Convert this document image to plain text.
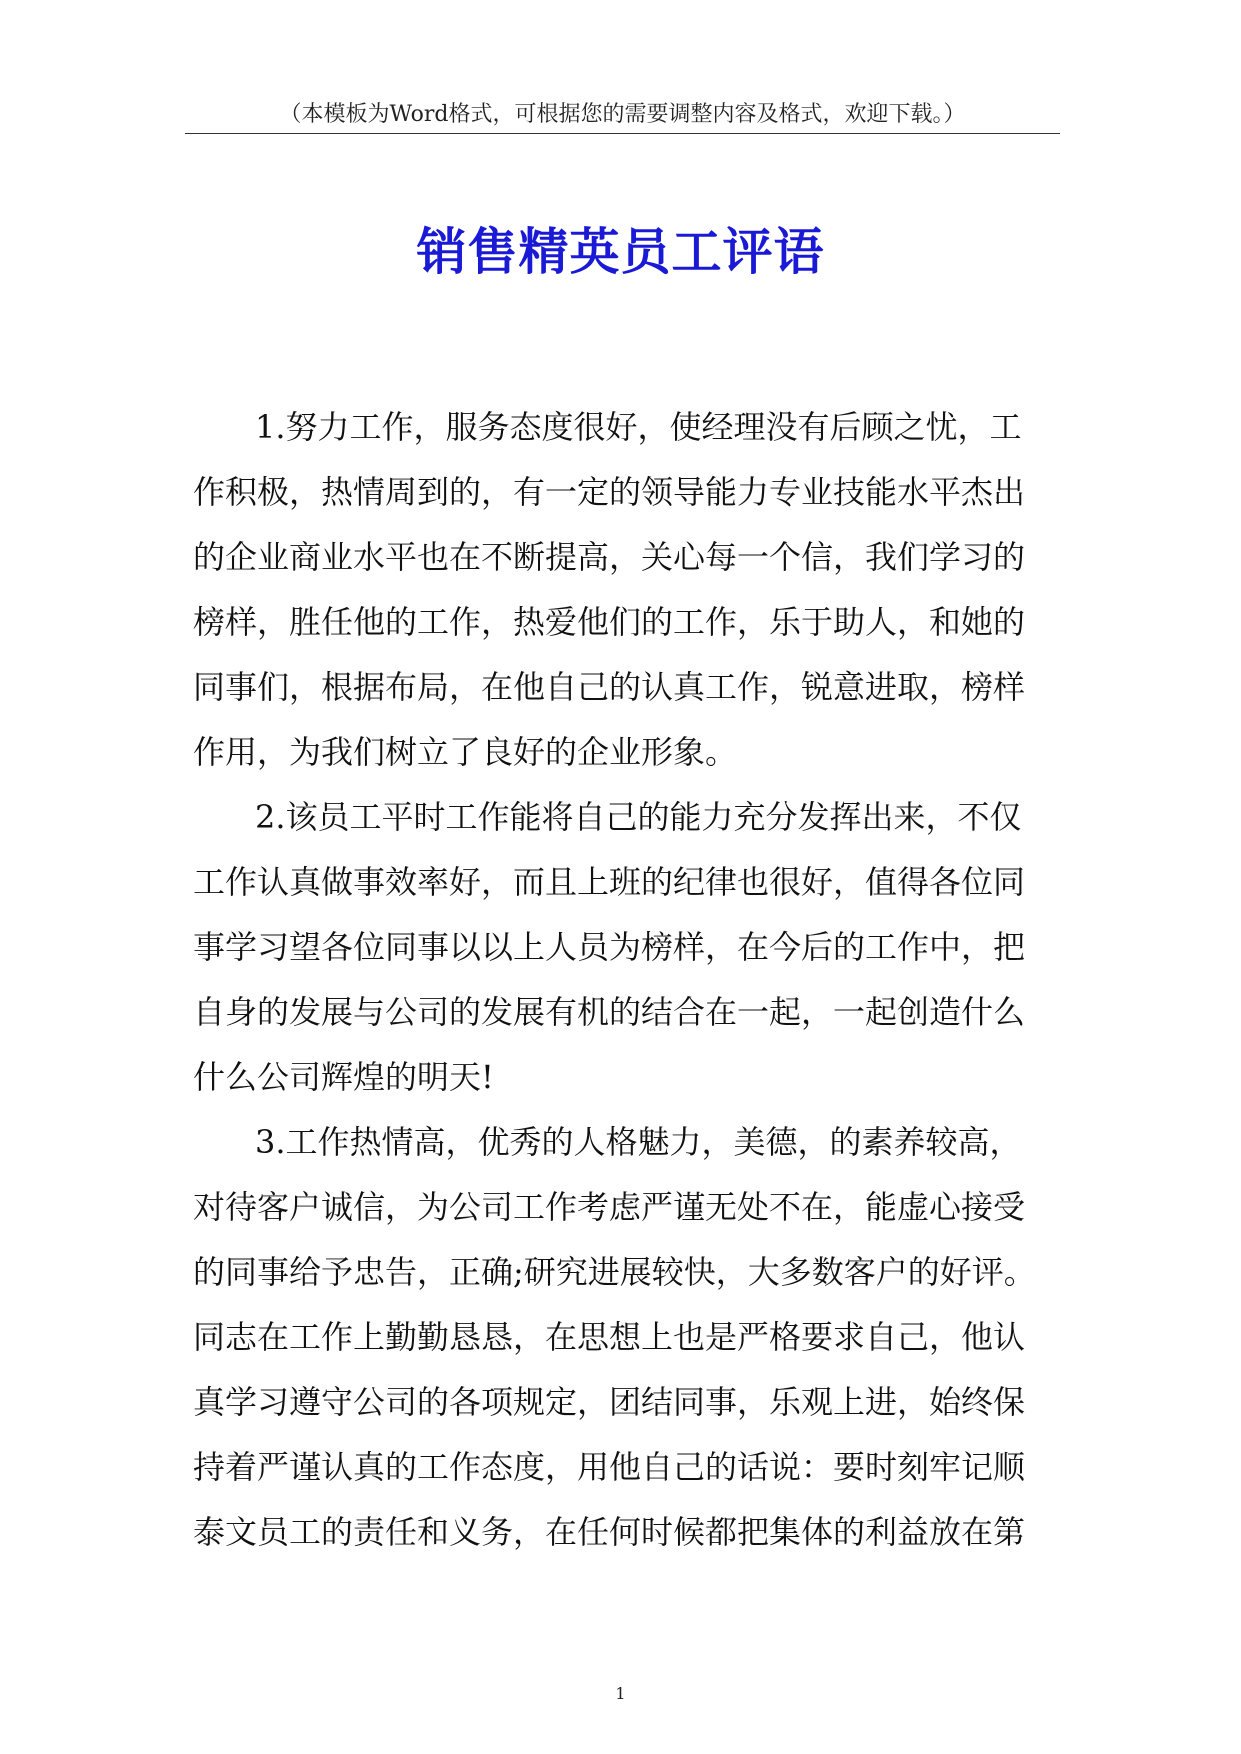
（本模板为Word格式，可根据您的需要调整内容及格式，欢迎下载。）
销售精英员工评语
1.努力工作，服务态度很好，使经理没有后顾之忧，工
作积极，热情周到的，有一定的领导能力专业技能水平杰出
的企业商业水平也在不断提高，关心每一个信，我们学习的
榜样，胜任他的工作，热爱他们的工作，乐于助人，和她的
同事们，根据布局，在他自己的认真工作，锐意进取，榜样
作用，为我们树立了良好的企业形象。
2.该员工平时工作能将自己的能力充分发挥出来，不仅
工作认真做事效率好，而且上班的纪律也很好，值得各位同
事学习望各位同事以以上人员为榜样，在今后的工作中，把
自身的发展与公司的发展有机的结合在一起，一起创造什么
什么公司辉煌的明天!
3.工作热情高，优秀的人格魅力，美德，的素养较高，
对待客户诚信，为公司工作考虑严谨无处不在，能虚心接受
的同事给予忠告，正确;研究进展较快，大多数客户的好评。
同志在工作上勤勤恳恳，在思想上也是严格要求自己，他认
真学习遵守公司的各项规定，团结同事，乐观上进，始终保
持着严谨认真的工作态度，用他自己的话说：要时刻牢记顺
泰文员工的责任和义务，在任何时候都把集体的利益放在第
1
